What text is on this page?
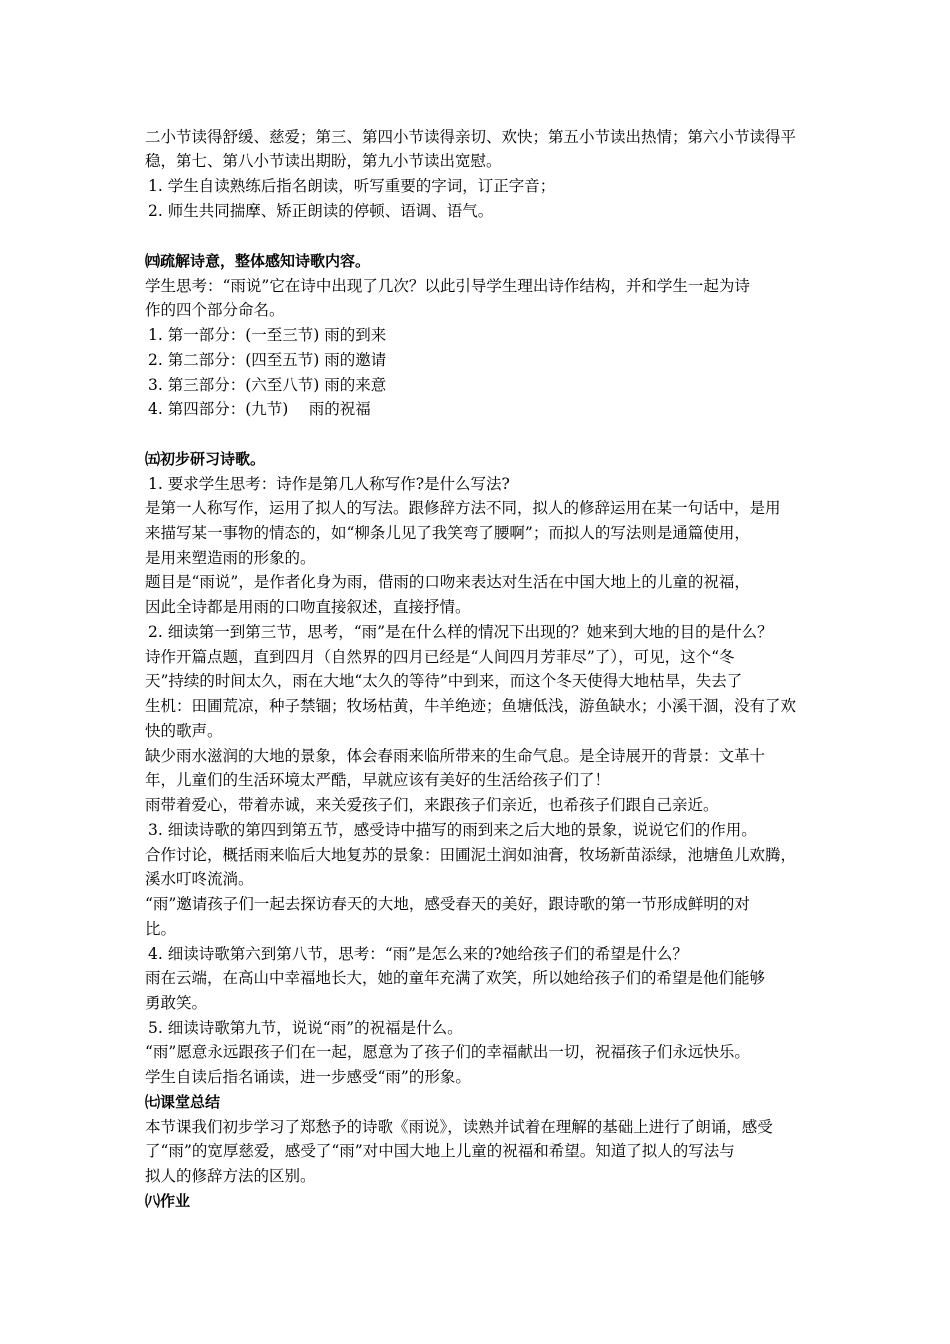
二小节读得舒缓、慈爱；第三、第四小节读得亲切、欢快；第五小节读出热情；第六小节读得平
稳，第七、第八小节读出期盼，第九小节读出宽慰。
1. 学生自读熟练后指名朗读，听写重要的字词，订正字音；
2. 师生共同揣摩、矫正朗读的停顿、语调、语气。
㈣疏解诗意，整体感知诗歌内容。
学生思考：“雨说”它在诗中出现了几次？以此引导学生理出诗作结构，并和学生一起为诗
作的四个部分命名。
1. 第一部分：(一至三节) 雨的到来
2. 第二部分：(四至五节) 雨的邀请
3. 第三部分：(六至八节) 雨的来意
4. 第四部分：(九节)　 雨的祝福
㈤初步研习诗歌。
1. 要求学生思考：诗作是第几人称写作?是什么写法?
是第一人称写作，运用了拟人的写法。跟修辞方法不同，拟人的修辞运用在某一句话中，是用
来描写某一事物的情态的，如“柳条儿见了我笑弯了腰啊”；而拟人的写法则是通篇使用，
是用来塑造雨的形象的。
题目是“雨说”，是作者化身为雨，借雨的口吻来表达对生活在中国大地上的儿童的祝福，
因此全诗都是用雨的口吻直接叙述，直接抒情。
2. 细读第一到第三节，思考，“雨”是在什么样的情况下出现的？她来到大地的目的是什么？
诗作开篇点题，直到四月（自然界的四月已经是“人间四月芳菲尽”了），可见，这个“冬
天”持续的时间太久，雨在大地“太久的等待”中到来，而这个冬天使得大地枯旱，失去了
生机：田圃荒凉，种子禁锢；牧场枯黄，牛羊绝迹；鱼塘低浅，游鱼缺水；小溪干涸，没有了欢
快的歌声。
缺少雨水滋润的大地的景象，体会春雨来临所带来的生命气息。是全诗展开的背景：文革十
年，儿童们的生活环境太严酷，早就应该有美好的生活给孩子们了！
雨带着爱心，带着赤诚，来关爱孩子们，来跟孩子们亲近，也希孩子们跟自己亲近。
3. 细读诗歌的第四到第五节，感受诗中描写的雨到来之后大地的景象，说说它们的作用。
合作讨论，概括雨来临后大地复苏的景象：田圃泥土润如油膏，牧场新苗添绿，池塘鱼儿欢腾，
溪水叮咚流淌。
“雨”邀请孩子们一起去探访春天的大地，感受春天的美好，跟诗歌的第一节形成鲜明的对
比。
4. 细读诗歌第六到第八节，思考：“雨”是怎么来的?她给孩子们的希望是什么？
雨在云端，在高山中幸福地长大，她的童年充满了欢笑，所以她给孩子们的希望是他们能够
勇敢笑。
5. 细读诗歌第九节，说说“雨”的祝福是什么。
“雨”愿意永远跟孩子们在一起，愿意为了孩子们的幸福献出一切，祝福孩子们永远快乐。
学生自读后指名诵读，进一步感受“雨”的形象。
㈦课堂总结
本节课我们初步学习了郑愁予的诗歌《雨说》，读熟并试着在理解的基础上进行了朗诵，感受
了“雨”的宽厚慈爱，感受了“雨”对中国大地上儿童的祝福和希望。知道了拟人的写法与
拟人的修辞方法的区别。
㈧作业
